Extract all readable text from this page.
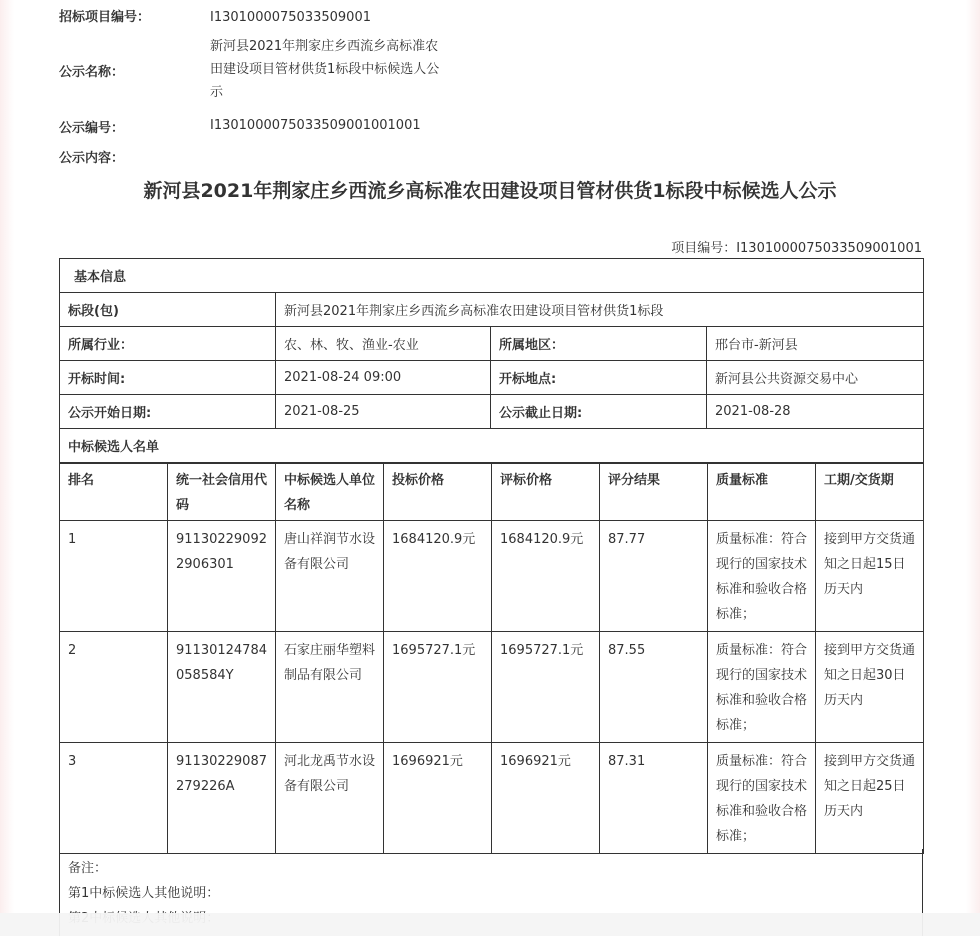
招标项目编号：	I1301000075033509001
公示名称：
新河县2021年荆家庄乡西流乡高标准农
田建设项目管材供货1标段中标候选人公
示
公示编号：	I1301000075033509001001001
公示内容：
新河县2021年荆家庄乡西流乡高标准农田建设项目管材供货1标段中标候选人公示
项目编号：I1301000075033509001001
基本信息			
标段(包)	新河县2021年荆家庄乡西流乡高标准农田建设项目管材供货1标段		
所属行业：	农、林、牧、渔业-农业	所属地区：	邢台市-新河县
开标时间:	2021-08-24 09:00	开标地点:	新河县公共资源交易中心
公示开始日期:	2021-08-25	公示截止日期:	2021-08-28
中标候选人名单			
排名	统一社会信用代码	中标候选人单位名称	投标价格	评标价格	评分结果	质量标准	工期/交货期
1	911302290922906301	唐山祥润节水设备有限公司	1684120.9元	1684120.9元	87.77	质量标准：符合现行的国家技术标准和验收合格标准；	接到甲方交货通知之日起15日历天内
2	91130124784058584Y	石家庄丽华塑料制品有限公司	1695727.1元	1695727.1元	87.55	质量标准：符合现行的国家技术标准和验收合格标准；	接到甲方交货通知之日起30日历天内
3	91130229087279226A	河北龙禹节水设备有限公司	1696921元	1696921元	87.31	质量标准：符合现行的国家技术标准和验收合格标准；	接到甲方交货通知之日起25日历天内
备注：
第1中标候选人其他说明：
